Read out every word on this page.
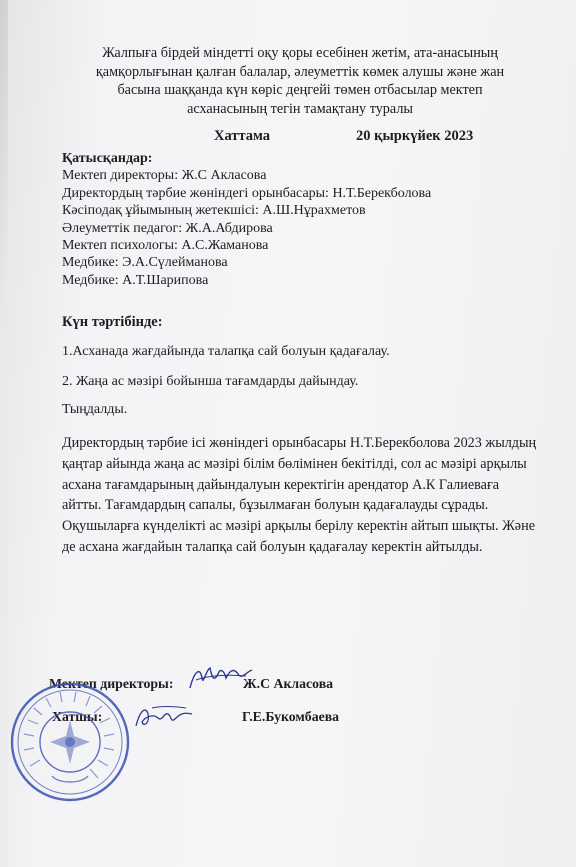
Жалпыға бірдей міндетті оқу қоры есебінен жетім, ата-анасының қамқорлығынан қалған балалар, әлеуметтік көмек алушы және жан басына шаққанда күн көріс деңгейі төмен отбасылар мектеп асханасының тегін тамақтану туралы
Хаттама	20 қыркүйек 2023
Қатысқандар:
Мектеп директоры: Ж.С Акласова
Директордың тәрбие жөніндегі орынбасары: Н.Т.Берекболова
Кәсіподақ ұйымының жетекшісі: А.Ш.Нұрахметов
Әлеуметтік педагог: Ж.А.Абдирова
Мектеп психологы: А.С.Жаманова
Медбике: Э.А.Сүлейманова
Медбике: А.Т.Шарипова
Күн тәртібінде:
1.Асханада жағдайында талапқа сай болуын қадағалау.
2. Жаңа ас мәзірі бойынша тағамдарды дайындау.
Тыңдалды.
Директордың тәрбие ісі жөніндегі орынбасары Н.Т.Берекболова 2023 жылдың қаңтар айында жаңа ас мәзірі білім бөлімінен бекітілді, сол ас мәзірі арқылы асхана тағамдарының дайындалуын керектігін арендатор А.К Галиеваға айтты. Тағамдардың сапалы, бұзылмаған болуын қадағалауды сұрады. Оқушыларға күнделікті ас мәзірі арқылы берілу керектін айтып шықты. Және де асхана жағдайын талапқа сай болуын қадағалау керектін айтылды.
Мектеп директоры:	Ж.С Акласова
Хатшы:	Г.Е.Букомбаева
